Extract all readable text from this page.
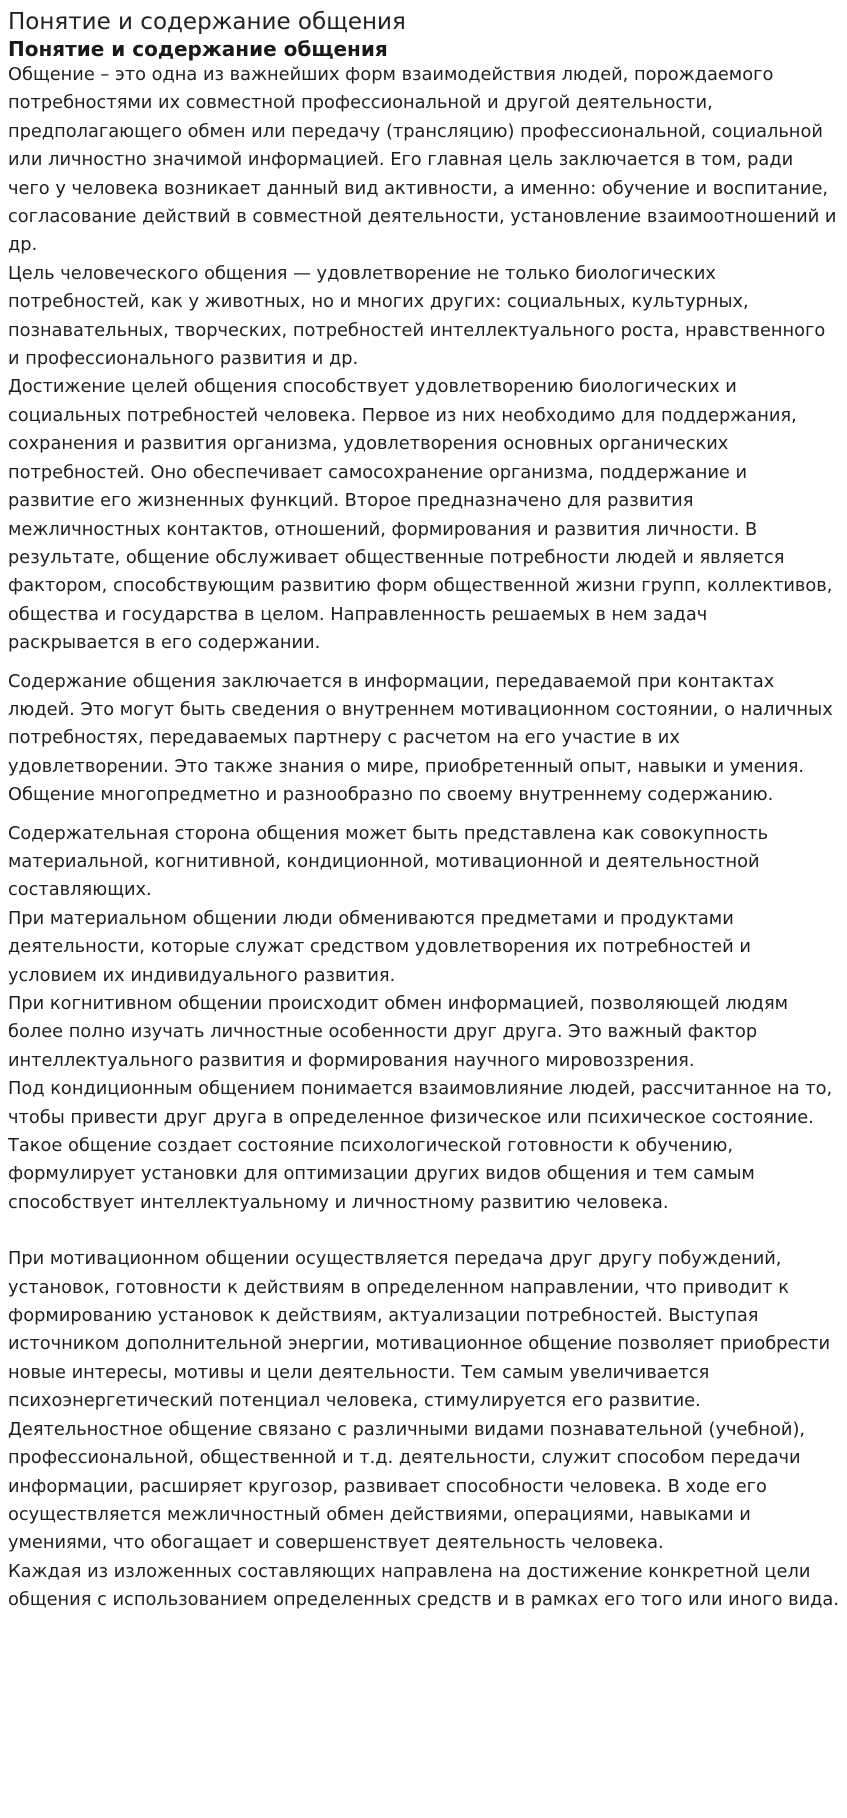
Понятие и содержание общения
Понятие и содержание общения

Общение – это одна из важнейших форм взаимодействия людей, порождаемого потребностями их совместной профессиональной и другой деятельности, предполагающего обмен или передачу (трансляцию) профессиональной, социальной или личностно значимой информацией. Его главная цель заключается в том, ради чего у человека возникает данный вид активности, а именно: обучение и воспитание, согласование действий в совместной деятельности, установление взаимоотношений и др.

Цель человеческого общения — удовлетворение не только биологических потребностей, как у животных, но и многих других: социальных, культурных, познавательных, творческих, потребностей интеллектуального роста, нравственного и профессионального развития и др.

Достижение целей общения способствует удовлетворению биологических и социальных потребностей человека. Первое из них необходимо для поддержания, сохранения и развития организма, удовлетворения основных органических потребностей. Оно обеспечивает самосохранение организма, поддержание и развитие его жизненных функций. Второе предназначено для развития межличностных контактов, отношений, формирования и развития личности. В результате, общение обслуживает общественные потребности людей и является фактором, способствующим развитию форм общественной жизни групп, коллективов, общества и государства в целом. Направленность решаемых в нем задач раскрывается в его содержании.

Содержание общения заключается в информации, передаваемой при контактах людей. Это могут быть сведения о внутреннем мотивационном состоянии, о наличных потребностях, передаваемых партнеру с расчетом на его участие в их удовлетворении. Это также знания о мире, приобретенный опыт, навыки и умения. Общение многопредметно и разнообразно по своему внутреннему содержанию.

Содержательная сторона общения может быть представлена как совокупность материальной, когнитивной, кондиционной, мотивационной и деятельностной составляющих.

При материальном общении люди обмениваются предметами и продуктами деятельности, которые служат средством удовлетворения их потребностей и условием их индивидуального развития.

При когнитивном общении происходит обмен информацией, позволяющей людям более полно изучать личностные особенности друг друга. Это важный фактор интеллектуального развития и формирования научного мировоззрения.

Под кондиционным общением понимается взаимовлияние людей, рассчитанное на то, чтобы привести друг друга в определенное физическое или психическое состояние. Такое общение создает состояние психологической готовности к обучению, формулирует установки для оптимизации других видов общения и тем самым способствует интеллектуальному и личностному развитию человека.

При мотивационном общении осуществляется передача друг другу побуждений, установок, готовности к действиям в определенном направлении, что приводит к формированию установок к действиям, актуализации потребностей. Выступая источником дополнительной энергии, мотивационное общение позволяет приобрести новые интересы, мотивы и цели деятельности. Тем самым увеличивается психоэнергетический потенциал человека, стимулируется его развитие.

Деятельностное общение связано с различными видами познавательной (учебной), профессиональной, общественной и т.д. деятельности, служит способом передачи информации, расширяет кругозор, развивает способности человека. В ходе его осуществляется межличностный обмен действиями, операциями, навыками и умениями, что обогащает и совершенствует деятельность человека.

Каждая из изложенных составляющих направлена на достижение конкретной цели общения с использованием определенных средств и в рамках его того или иного вида.
